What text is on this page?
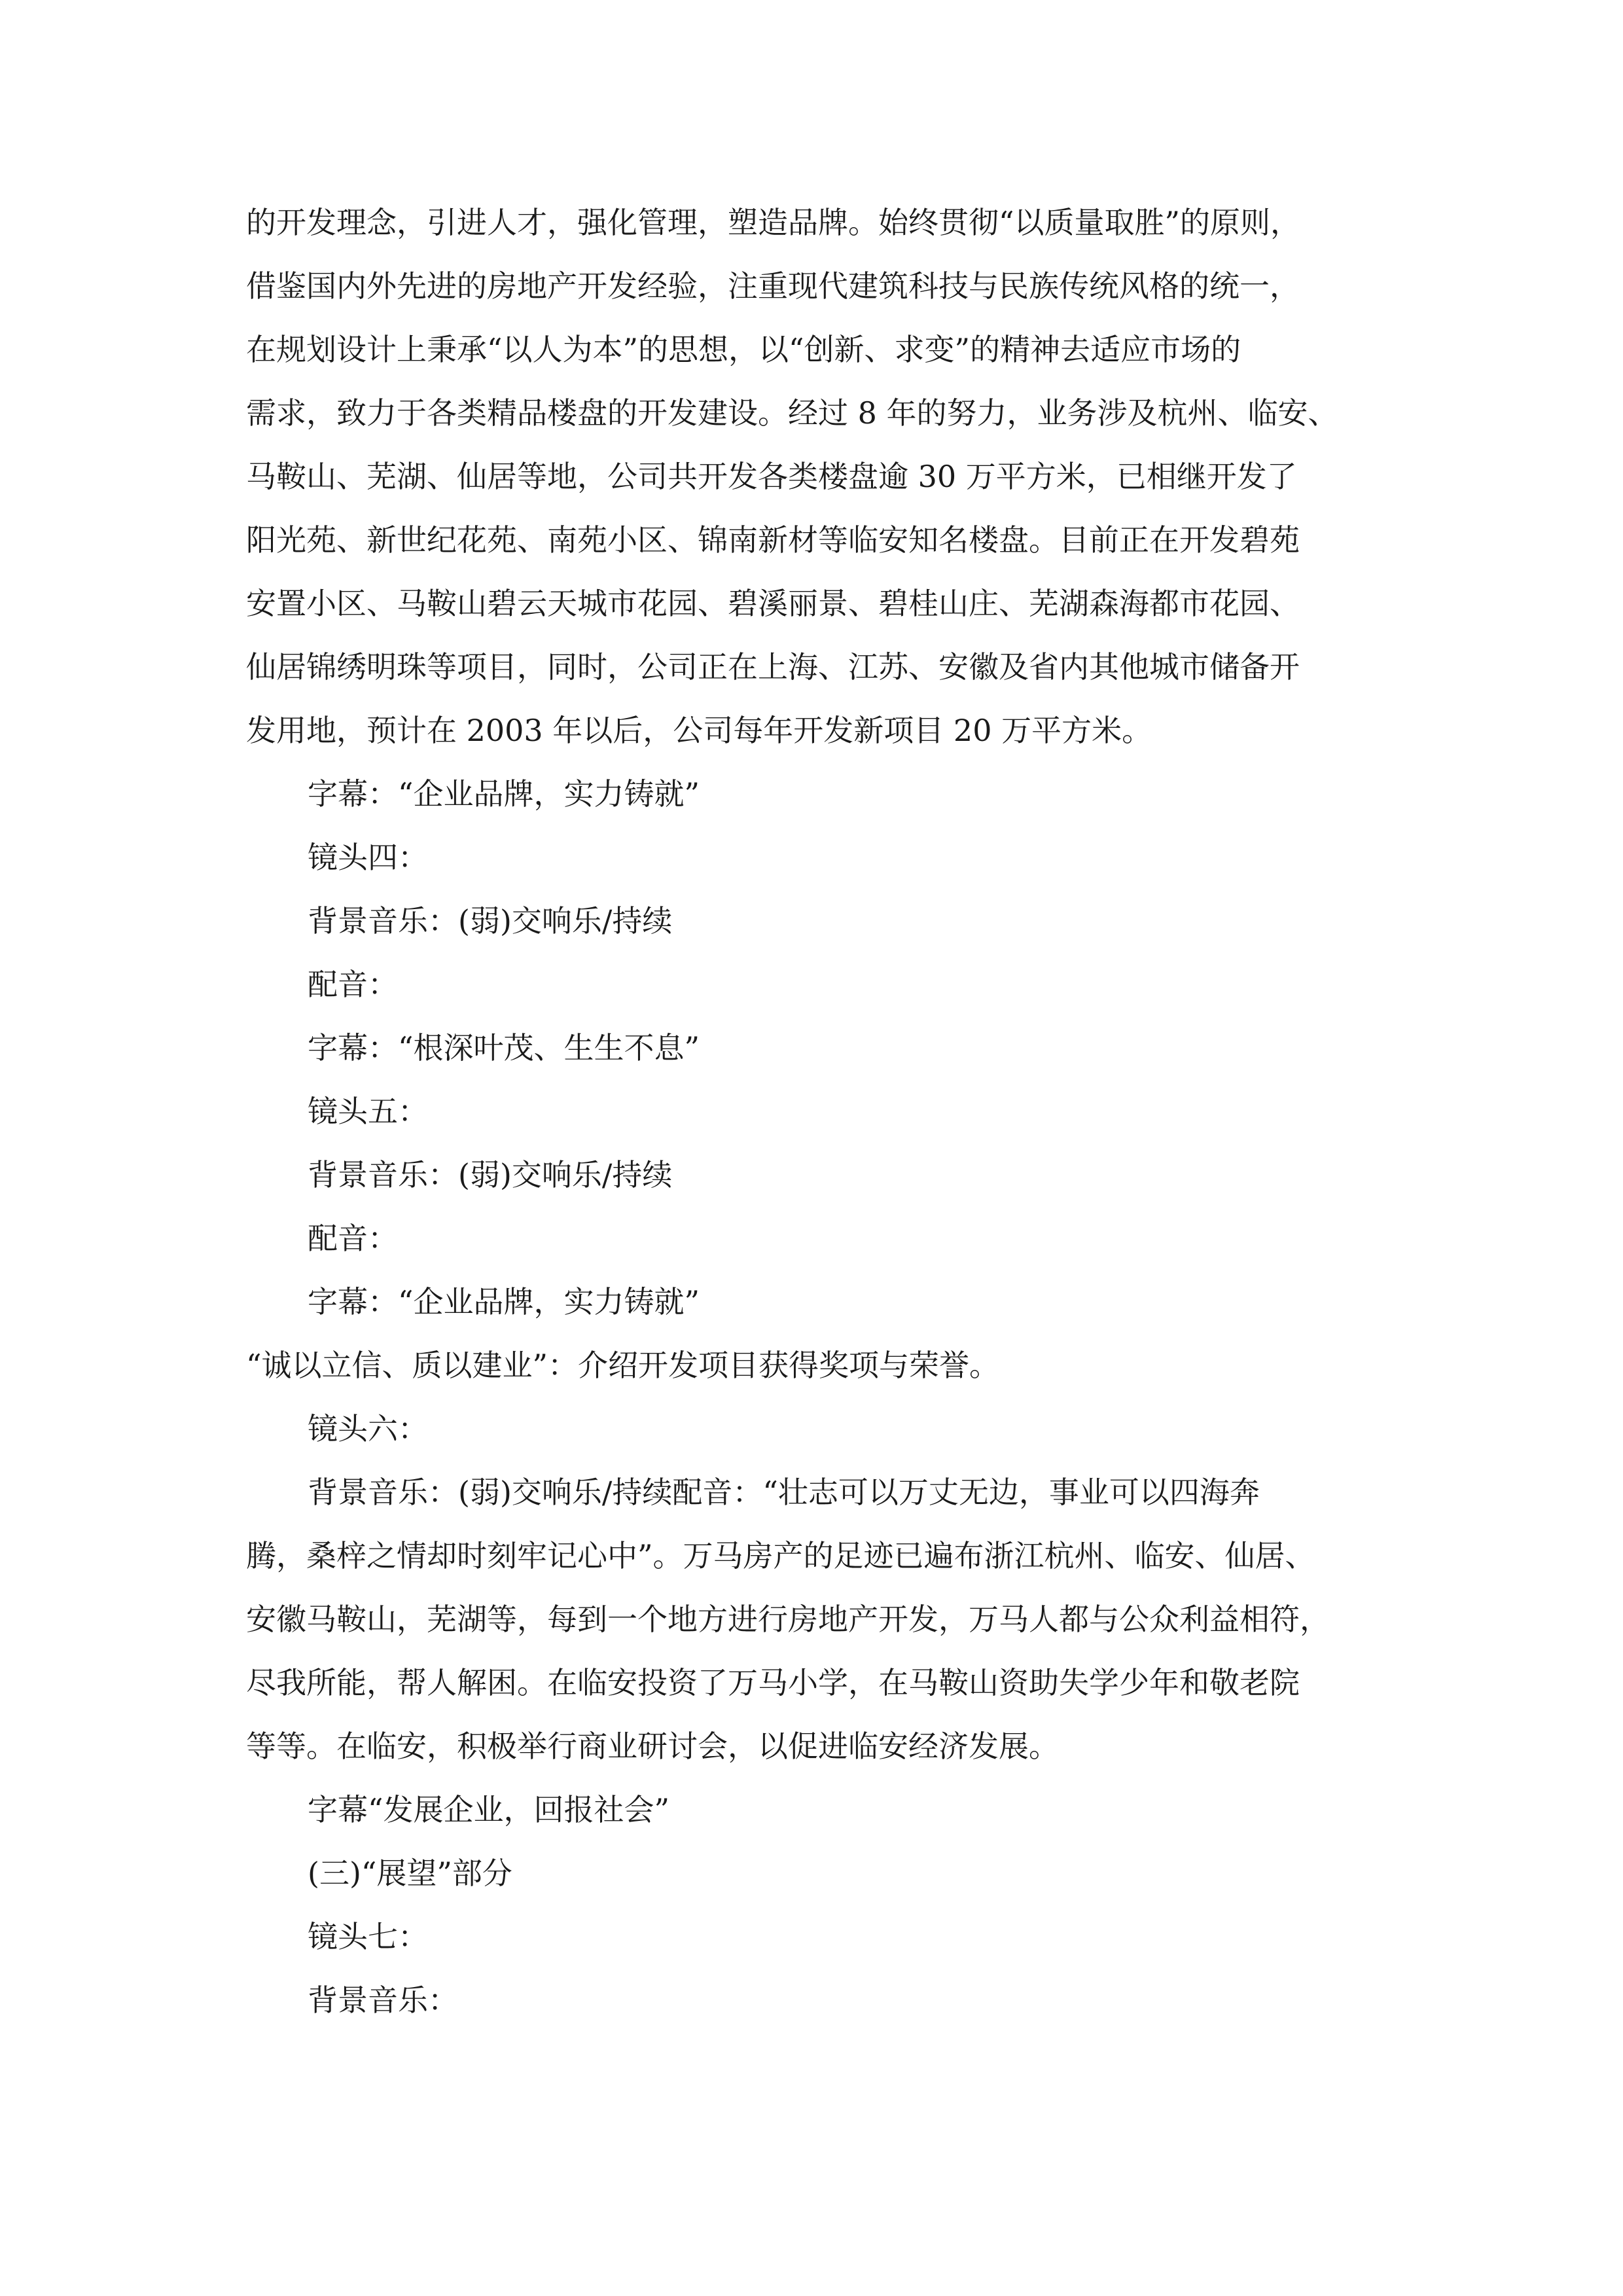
的开发理念，引进人才，强化管理，塑造品牌。始终贯彻“以质量取胜”的原则，
借鉴国内外先进的房地产开发经验，注重现代建筑科技与民族传统风格的统一，
在规划设计上秉承“以人为本”的思想，以“创新、求变”的精神去适应市场的
需求，致力于各类精品楼盘的开发建设。经过 8 年的努力，业务涉及杭州、临安、
马鞍山、芜湖、仙居等地，公司共开发各类楼盘逾 30 万平方米，已相继开发了
阳光苑、新世纪花苑、南苑小区、锦南新材等临安知名楼盘。目前正在开发碧苑
安置小区、马鞍山碧云天城市花园、碧溪丽景、碧桂山庄、芜湖森海都市花园、
仙居锦绣明珠等项目，同时，公司正在上海、江苏、安徽及省内其他城市储备开
发用地，预计在 2003 年以后，公司每年开发新项目 20 万平方米。
字幕：“企业品牌，实力铸就”
镜头四：
背景音乐：(弱)交响乐/持续
配音：
字幕：“根深叶茂、生生不息”
镜头五：
背景音乐：(弱)交响乐/持续
配音：
字幕：“企业品牌，实力铸就”
“诚以立信、质以建业”：介绍开发项目获得奖项与荣誉。
镜头六：
背景音乐：(弱)交响乐/持续配音：“壮志可以万丈无边，事业可以四海奔
腾，桑梓之情却时刻牢记心中”。万马房产的足迹已遍布浙江杭州、临安、仙居、
安徽马鞍山，芜湖等，每到一个地方进行房地产开发，万马人都与公众利益相符，
尽我所能，帮人解困。在临安投资了万马小学，在马鞍山资助失学少年和敬老院
等等。在临安，积极举行商业研讨会，以促进临安经济发展。
字幕“发展企业，回报社会”
(三)“展望”部分
镜头七：
背景音乐：
